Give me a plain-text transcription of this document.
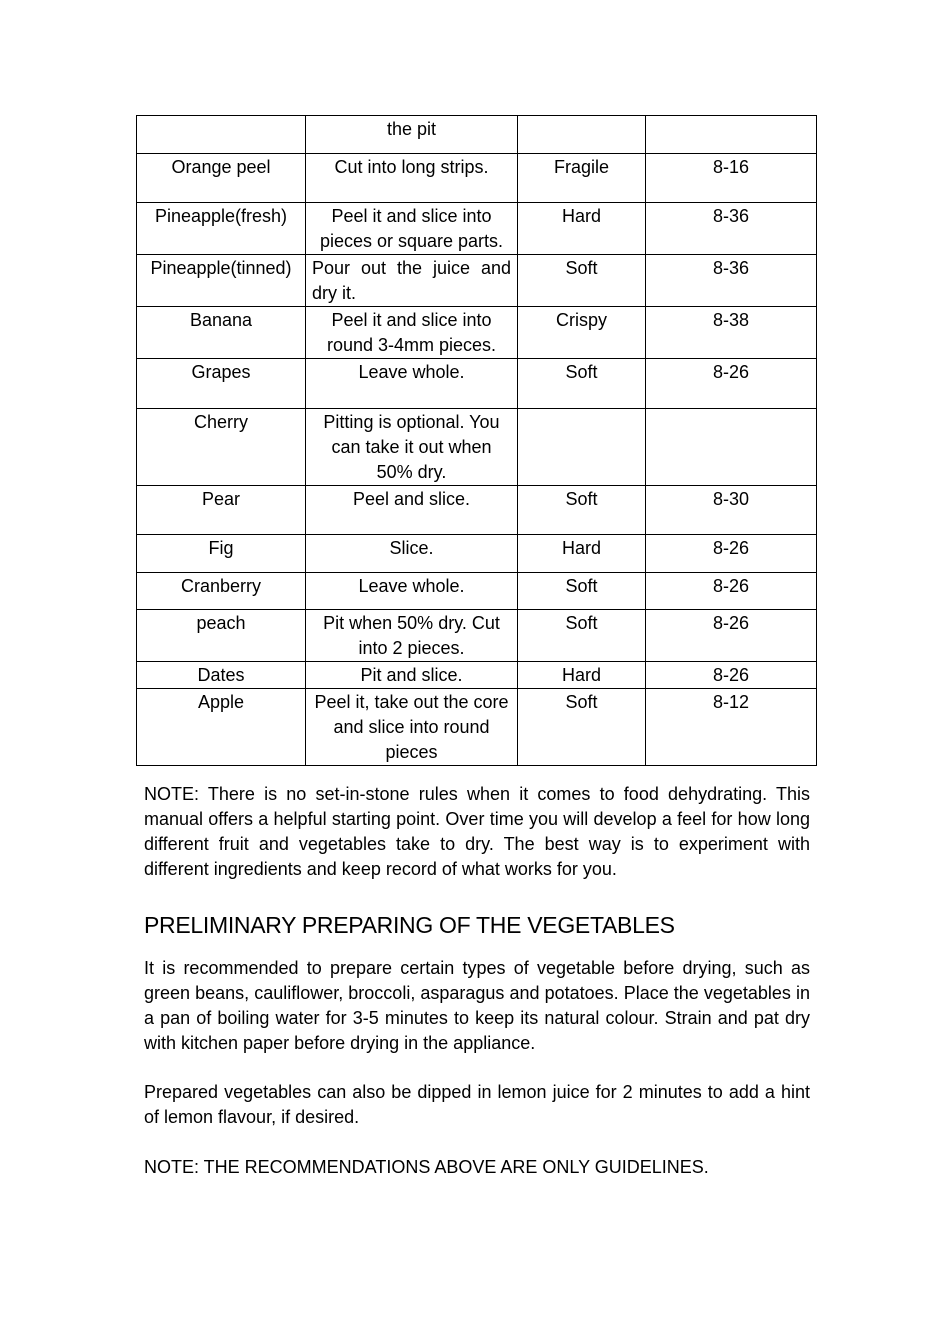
	the pit		
Orange peel	Cut into long strips.	Fragile	8-16
Pineapple(fresh)	Peel it and slice into pieces or square parts.	Hard	8-36
Pineapple(tinned)	Pour out the juice and dry it.	Soft	8-36
Banana	Peel it and slice into round 3-4mm pieces.	Crispy	8-38
Grapes	Leave whole.	Soft	8-26
Cherry	Pitting is optional. You can take it out when 50% dry.		
Pear	Peel and slice.	Soft	8-30
Fig	Slice.	Hard	8-26
Cranberry	Leave whole.	Soft	8-26
peach	Pit when 50% dry. Cut into 2 pieces.	Soft	8-26
Dates	Pit and slice.	Hard	8-26
Apple	Peel it, take out the core and slice into round pieces	Soft	8-12

NOTE: There is no set-in-stone rules when it comes to food dehydrating. This manual offers a helpful starting point. Over time you will develop a feel for how long different fruit and vegetables take to dry. The best way is to experiment with different ingredients and keep record of what works for you.

PRELIMINARY PREPARING OF THE VEGETABLES

It is recommended to prepare certain types of vegetable before drying, such as green beans, cauliflower, broccoli, asparagus and potatoes. Place the vegetables in a pan of boiling water for 3-5 minutes to keep its natural colour. Strain and pat dry with kitchen paper before drying in the appliance.

Prepared vegetables can also be dipped in lemon juice for 2 minutes to add a hint of lemon flavour, if desired.

NOTE: THE RECOMMENDATIONS ABOVE ARE ONLY GUIDELINES.
